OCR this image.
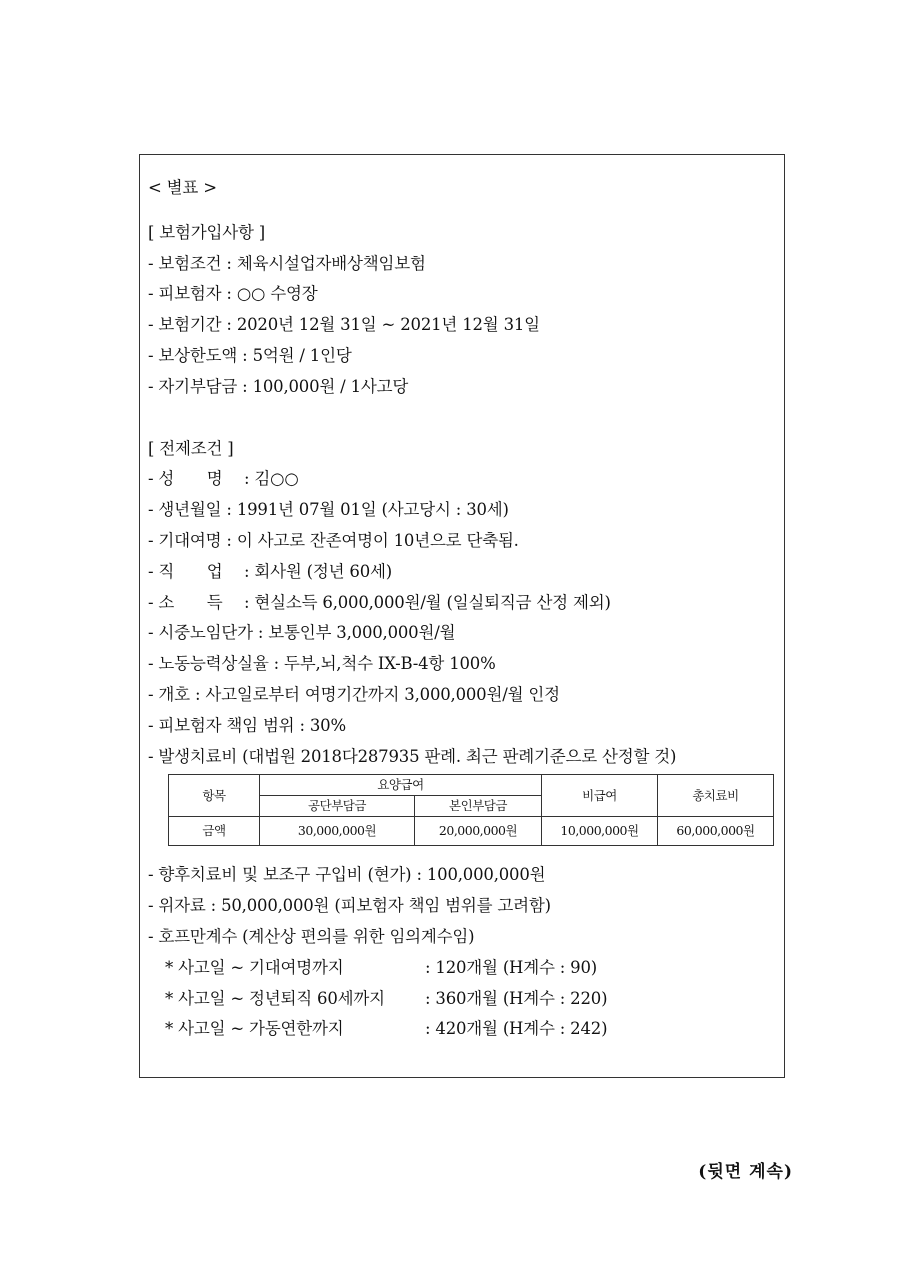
< 별표 >
[ 보험가입사항 ]
- 보험조건 : 체육시설업자배상책임보험
- 피보험자 : ○○ 수영장
- 보험기간 : 2020년 12월 31일 ~ 2021년 12월 31일
- 보상한도액 : 5억원 / 1인당
- 자기부담금 : 100,000원 / 1사고당
[ 전제조건 ]
- 성　　명 : 김○○
- 생년월일 : 1991년 07월 01일 (사고당시 : 30세)
- 기대여명 : 이 사고로 잔존여명이 10년으로 단축됨.
- 직　　업 : 회사원 (정년 60세)
- 소　　득 : 현실소득 6,000,000원/월 (일실퇴직금 산정 제외)
- 시중노임단가 : 보통인부 3,000,000원/월
- 노동능력상실율 : 두부,뇌,척수 IX-B-4항 100%
- 개호 : 사고일로부터 여명기간까지 3,000,000원/월 인정
- 피보험자 책임 범위 : 30%
- 발생치료비 (대법원 2018다287935 판례. 최근 판례기준으로 산정할 것)
항목	요양급여		비급여	총치료비
	공단부담금	본인부담금		
금액	30,000,000원	20,000,000원	10,000,000원	60,000,000원
- 향후치료비 및 보조구 구입비 (현가) : 100,000,000원
- 위자료 : 50,000,000원 (피보험자 책임 범위를 고려함)
- 호프만계수 (계산상 편의를 위한 임의계수임)
* 사고일 ~ 기대여명까지	: 120개월 (H계수 : 90)
* 사고일 ~ 정년퇴직 60세까지 : 360개월 (H계수 : 220)
* 사고일 ~ 가동연한까지	: 420개월 (H계수 : 242)
(뒷면 계속)
